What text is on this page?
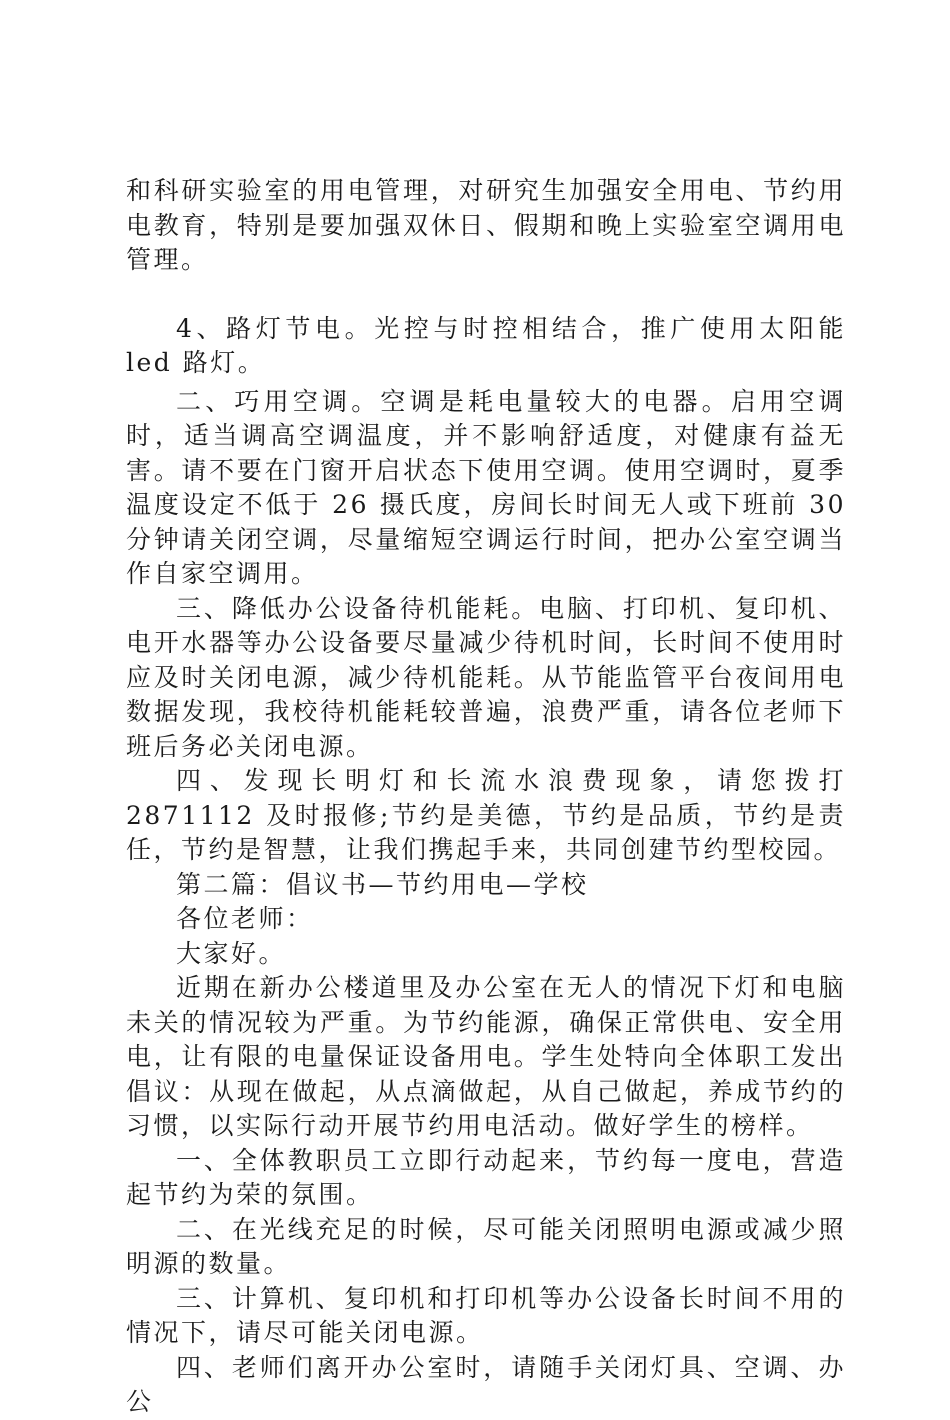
和科研实验室的用电管理，对研究生加强安全用电、节约用电教育，特别是要加强双休日、假期和晚上实验室空调用电管理。

4、路灯节电。光控与时控相结合，推广使用太阳能 led 路灯。

二、巧用空调。空调是耗电量较大的电器。启用空调时，适当调高空调温度，并不影响舒适度，对健康有益无害。请不要在门窗开启状态下使用空调。使用空调时，夏季温度设定不低于 26 摄氏度，房间长时间无人或下班前 30 分钟请关闭空调，尽量缩短空调运行时间，把办公室空调当作自家空调用。

三、降低办公设备待机能耗。电脑、打印机、复印机、电开水器等办公设备要尽量减少待机时间，长时间不使用时应及时关闭电源，减少待机能耗。从节能监管平台夜间用电数据发现，我校待机能耗较普遍，浪费严重，请各位老师下班后务必关闭电源。

四、发现长明灯和长流水浪费现象，请您拨打 2871112 及时报修;节约是美德，节约是品质，节约是责任，节约是智慧，让我们携起手来，共同创建节约型校园。

第二篇：倡议书—节约用电—学校

各位老师：

大家好。

近期在新办公楼道里及办公室在无人的情况下灯和电脑未关的情况较为严重。为节约能源，确保正常供电、安全用电，让有限的电量保证设备用电。学生处特向全体职工发出倡议：从现在做起，从点滴做起，从自己做起，养成节约的习惯，以实际行动开展节约用电活动。做好学生的榜样。

一、全体教职员工立即行动起来，节约每一度电，营造起节约为荣的氛围。

二、在光线充足的时候，尽可能关闭照明电源或减少照明源的数量。

三、计算机、复印机和打印机等办公设备长时间不用的情况下，请尽可能关闭电源。

四、老师们离开办公室时，请随手关闭灯具、空调、办公
